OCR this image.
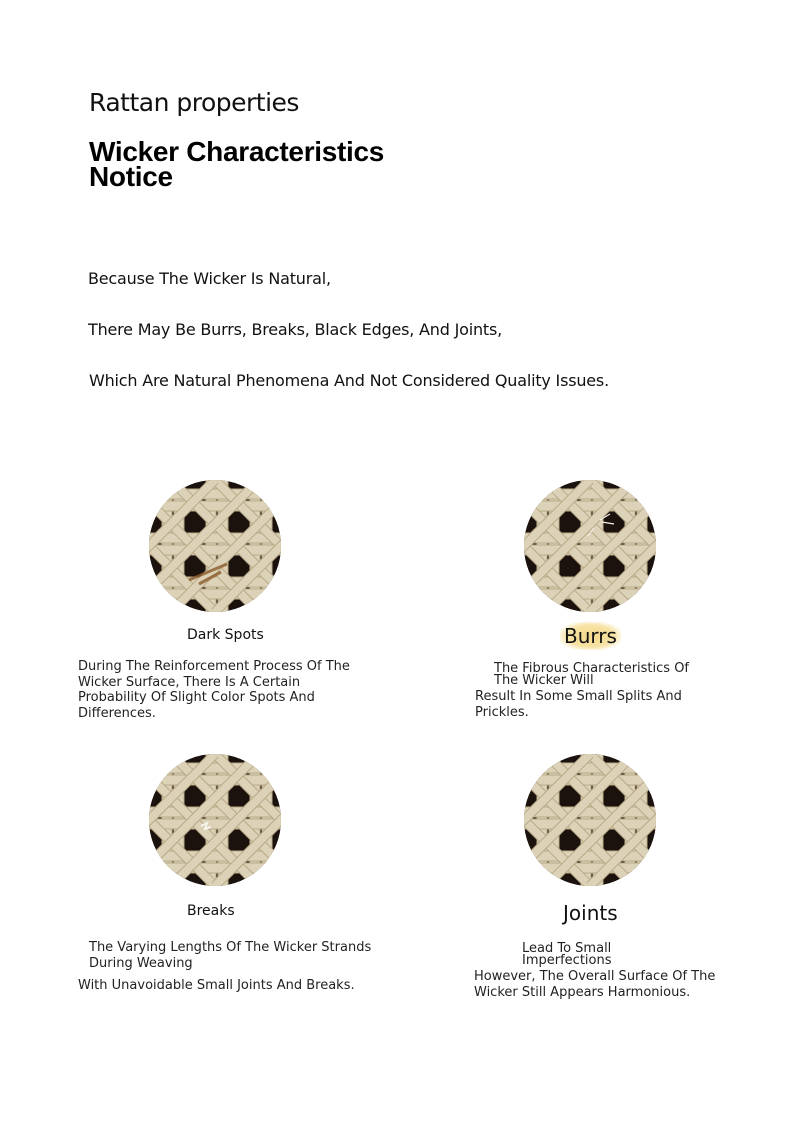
Rattan properties
Wicker Characteristics
Notice
Because The Wicker Is Natural,
There May Be Burrs, Breaks, Black Edges, And Joints,
Which Are Natural Phenomena And Not Considered Quality Issues.
Dark Spots
During The Reinforcement Process Of The
Wicker Surface, There Is A Certain
Probability Of Slight Color Spots And
Differences.
Burrs
The Fibrous Characteristics Of
The Wicker Will
Result In Some Small Splits And
Prickles.
Breaks
The Varying Lengths Of The Wicker Strands
During Weaving
With Unavoidable Small Joints And Breaks.
Joints
Lead To Small
Imperfections
However, The Overall Surface Of The
Wicker Still Appears Harmonious.
